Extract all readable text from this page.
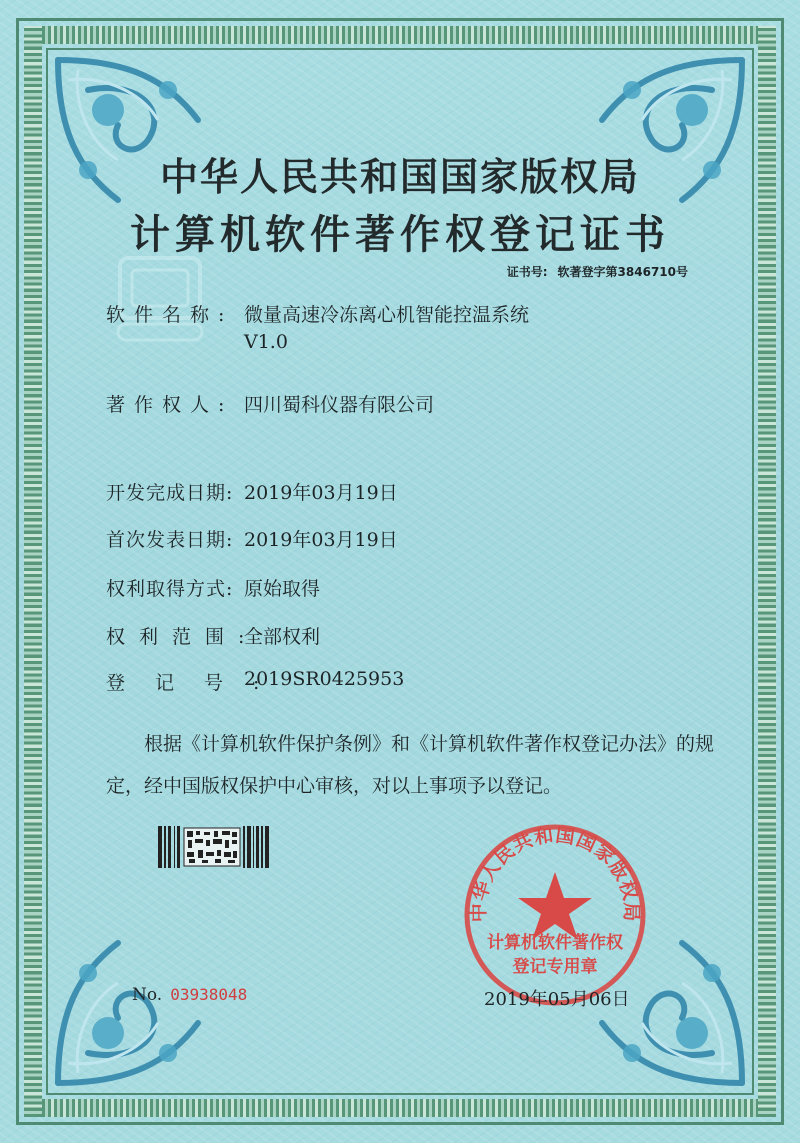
中华人民共和国国家版权局
计算机软件著作权登记证书
证书号: 软著登字第3846710号
软件名称: 微量高速冷冻离心机智能控温系统
V1.0
著作权人: 四川蜀科仪器有限公司
开发完成日期: 2019年03月19日
首次发表日期: 2019年03月19日
权利取得方式: 原始取得
权利范围:
全部权利
登记号:
2019SR0425953
根据《计算机软件保护条例》和《计算机软件著作权登记办法》的规定，经中国版权保护中心审核，对以上事项予以登记。
中华人民共和国国家版权局
计算机软件著作权
登记专用章
No. 03938048	2019年05月06日
